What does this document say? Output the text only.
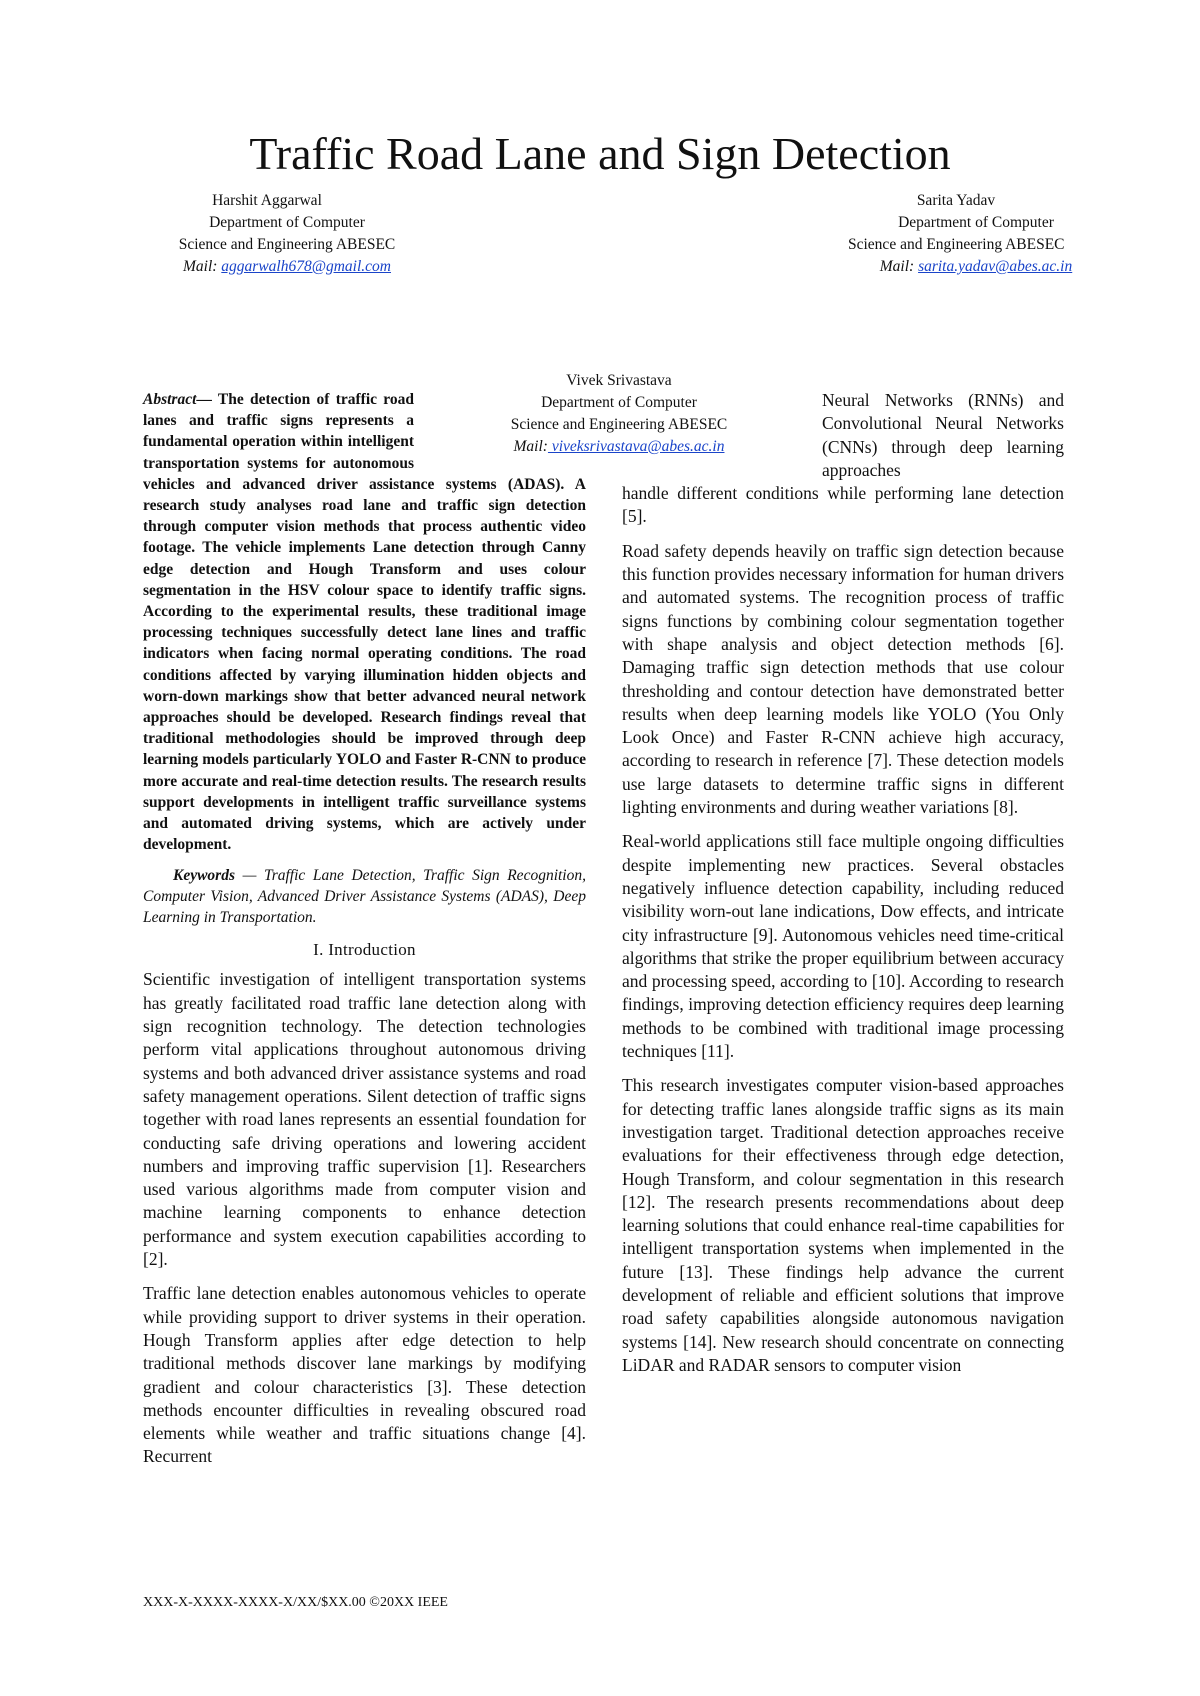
Traffic Road Lane and Sign Detection
Harshit Aggarwal
Department of Computer
Science and Engineering ABESEC
Mail: aggarwalh678@gmail.com
Sarita Yadav
Department of Computer
Science and Engineering ABESEC
Mail: sarita.yadav@abes.ac.in
Vivek Srivastava
Department of Computer
Science and Engineering ABESEC
Mail: viveksrivastava@abes.ac.in
Abstract— The detection of traffic road lanes and traffic signs represents a fundamental operation within intelligent transportation systems for autonomous vehicles and advanced driver assistance systems (ADAS). A research study analyses road lane and traffic sign detection through computer vision methods that process authentic video footage. The vehicle implements Lane detection through Canny edge detection and Hough Transform and uses colour segmentation in the HSV colour space to identify traffic signs. According to the experimental results, these traditional image processing techniques successfully detect lane lines and traffic indicators when facing normal operating conditions. The road conditions affected by varying illumination hidden objects and worn-down markings show that better advanced neural network approaches should be developed. Research findings reveal that traditional methodologies should be improved through deep learning models particularly YOLO and Faster R-CNN to produce more accurate and real-time detection results. The research results support developments in intelligent traffic surveillance systems and automated driving systems, which are actively under development.
Keywords — Traffic Lane Detection, Traffic Sign Recognition, Computer Vision, Advanced Driver Assistance Systems (ADAS), Deep Learning in Transportation.
I. Introduction

Scientific investigation of intelligent transportation systems has greatly facilitated road traffic lane detection along with sign recognition technology. The detection technologies perform vital applications throughout autonomous driving systems and both advanced driver assistance systems and road safety management operations. Silent detection of traffic signs together with road lanes represents an essential foundation for conducting safe driving operations and lowering accident numbers and improving traffic supervision [1]. Researchers used various algorithms made from computer vision and machine learning components to enhance detection performance and system execution capabilities according to [2].

Traffic lane detection enables autonomous vehicles to operate while providing support to driver systems in their operation. Hough Transform applies after edge detection to help traditional methods discover lane markings by modifying gradient and colour characteristics [3]. These detection methods encounter difficulties in revealing obscured road elements while weather and traffic situations change [4]. Recurrent

Neural Networks (RNNs) and Convolutional Neural Networks (CNNs) through deep learning approaches

handle different conditions while performing lane detection [5].

Road safety depends heavily on traffic sign detection because this function provides necessary information for human drivers and automated systems. The recognition process of traffic signs functions by combining colour segmentation together with shape analysis and object detection methods [6]. Damaging traffic sign detection methods that use colour thresholding and contour detection have demonstrated better results when deep learning models like YOLO (You Only Look Once) and Faster R-CNN achieve high accuracy, according to research in reference [7]. These detection models use large datasets to determine traffic signs in different lighting environments and during weather variations [8].

Real-world applications still face multiple ongoing difficulties despite implementing new practices. Several obstacles negatively influence detection capability, including reduced visibility worn-out lane indications, Dow effects, and intricate city infrastructure [9]. Autonomous vehicles need time-critical algorithms that strike the proper equilibrium between accuracy and processing speed, according to [10]. According to research findings, improving detection efficiency requires deep learning methods to be combined with traditional image processing techniques [11].

This research investigates computer vision-based approaches for detecting traffic lanes alongside traffic signs as its main investigation target. Traditional detection approaches receive evaluations for their effectiveness through edge detection, Hough Transform, and colour segmentation in this research [12]. The research presents recommendations about deep learning solutions that could enhance real-time capabilities for intelligent transportation systems when implemented in the future [13]. These findings help advance the current development of reliable and efficient solutions that improve road safety capabilities alongside autonomous navigation systems [14]. New research should concentrate on connecting LiDAR and RADAR sensors to computer vision

XXX-X-XXXX-XXXX-X/XX/$XX.00 ©20XX IEEE
